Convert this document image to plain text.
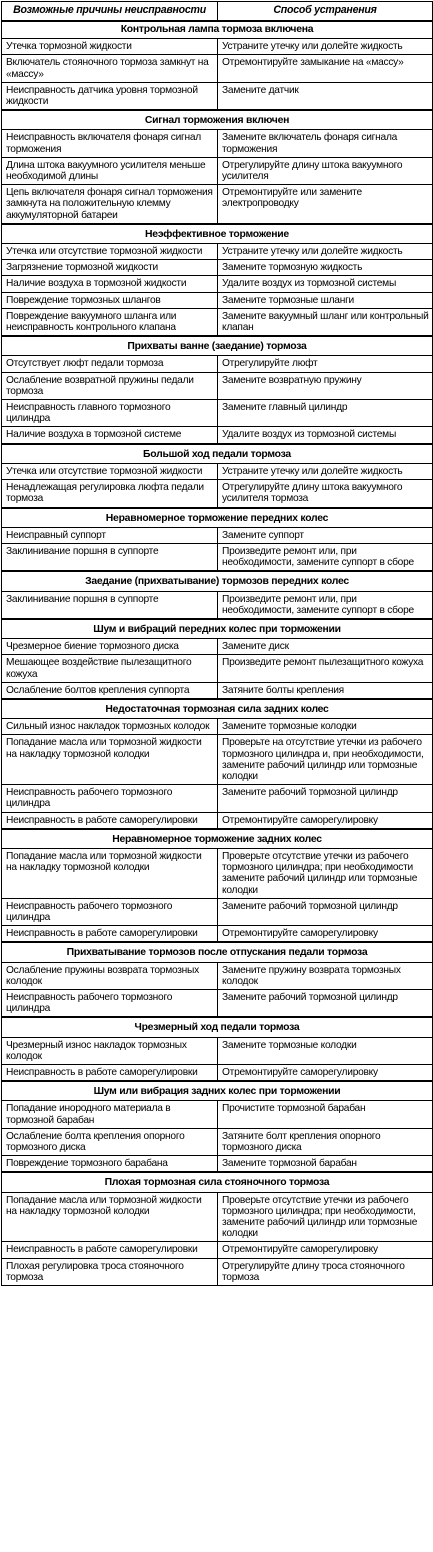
Возможные причины неисправности	Способ устранения
Контрольная лампа тормоза включена	
Утечка тормозной жидкости	Устраните утечку или долейте жидкость
Включатель стояночного тормоза замкнут на «массу»	Отремонтируйте замыкание на «массу»
Неисправность датчика уровня тормозной жидкости	Замените датчик
Сигнал торможения включен	
Неисправность включателя фонаря сигнал торможения	Замените включатель фонаря сигнала торможения
Длина штока вакуумного усилителя меньше необходимой длины	Отрегулируйте длину штока вакуумного усилителя
Цепь включателя фонаря сигнал торможения замкнута на положительную клемму аккумуляторной батареи	Отремонтируйте или замените электропроводку
Неэффективное торможение	
Утечка или отсутствие тормозной жидкости	Устраните утечку или долейте жидкость
Загрязнение тормозной жидкости	Замените тормозную жидкость
Наличие воздуха в тормозной жидкости	Удалите воздух из тормозной системы
Повреждение тормозных шлангов	Замените тормозные шланги
Повреждение вакуумного шланга или неисправность контрольного клапана	Замените вакуумный шланг или контрольный клапан
Прихваты ванне (заедание) тормоза	
Отсутствует люфт педали тормоза	Отрегулируйте люфт
Ослабление возвратной пружины педали тормоза	Замените возвратную пружину
Неисправность главного тормозного цилиндра	Замените главный цилиндр
Наличие воздуха в тормозной системе	Удалите воздух из тормозной системы
Большой ход педали тормоза	
Утечка или отсутствие тормозной жидкости	Устраните утечку или долейте жидкость
Ненадлежащая регулировка люфта педали тормоза	Отрегулируйте длину штока вакуумного усилителя тормоза
Неравномерное торможение передних колес	
Неисправный суппорт	Замените суппорт
Заклинивание поршня в суппорте	Произведите ремонт или, при необходимости, замените суппорт в сборе
Заедание (прихватывание) тормозов передних колес	
Заклинивание поршня в суппорте	Произведите ремонт или, при необходимости, замените суппорт в сборе
Шум и вибраций передних колес при торможении	
Чрезмерное биение тормозного диска	Замените диск
Мешающее воздействие пылезащитного кожуха	Произведите ремонт пылезащитного кожуха
Ослабление болтов крепления суппорта	Затяните болты крепления
Недостаточная тормозная сила задних колес	
Сильный износ накладок тормозных колодок	Замените тормозные колодки
Попадание масла или тормозной жидкости на накладку тормозной колодки	Проверьте на отсутствие утечки из рабочего тормозного цилиндра и, при необходимости, замените рабочий цилиндр или тормозные колодки
Неисправность рабочего тормозного цилиндра	Замените рабочий тормозной цилиндр
Неисправность в работе саморегулировки	Отремонтируйте саморегулировку
Неравномерное торможение задних колес	
Попадание масла или тормозной жидкости на накладку тормозной колодки	Проверьте отсутствие утечки из рабочего тормозного цилиндра; при необходимости замените рабочий цилиндр или тормозные колодки
Неисправность рабочего тормозного цилиндра	Замените рабочий тормозной цилиндр
Неисправность в работе саморегулировки	Отремонтируйте саморегулировку
Прихватывание тормозов после отпускания педали тормоза	
Ослабление пружины возврата тормозных колодок	Замените пружину возврата тормозных колодок
Неисправность рабочего тормозного цилиндра	Замените рабочий тормозной цилиндр
Чрезмерный ход педали тормоза	
Чрезмерный износ накладок тормозных колодок	Замените тормозные колодки
Неисправность в работе саморегулировки	Отремонтируйте саморегулировку
Шум или вибрация задних колес при торможении	
Попадание инородного материала в тормозной барабан	Прочистите тормозной барабан
Ослабление болта крепления опорного тормозного диска	Затяните болт крепления опорного тормозного диска
Повреждение тормозного барабана	Замените тормозной барабан
Плохая тормозная сила стояночного тормоза	
Попадание масла или тормозной жидкости на накладку тормозной колодки	Проверьте отсутствие утечки из рабочего тормозного цилиндра; при необходимости, замените рабочий цилиндр или тормозные колодки
Неисправность в работе саморегулировки	Отремонтируйте саморегулировку
Плохая регулировка троса стояночного тормоза	Отрегулируйте длину троса стояночного тормоза
